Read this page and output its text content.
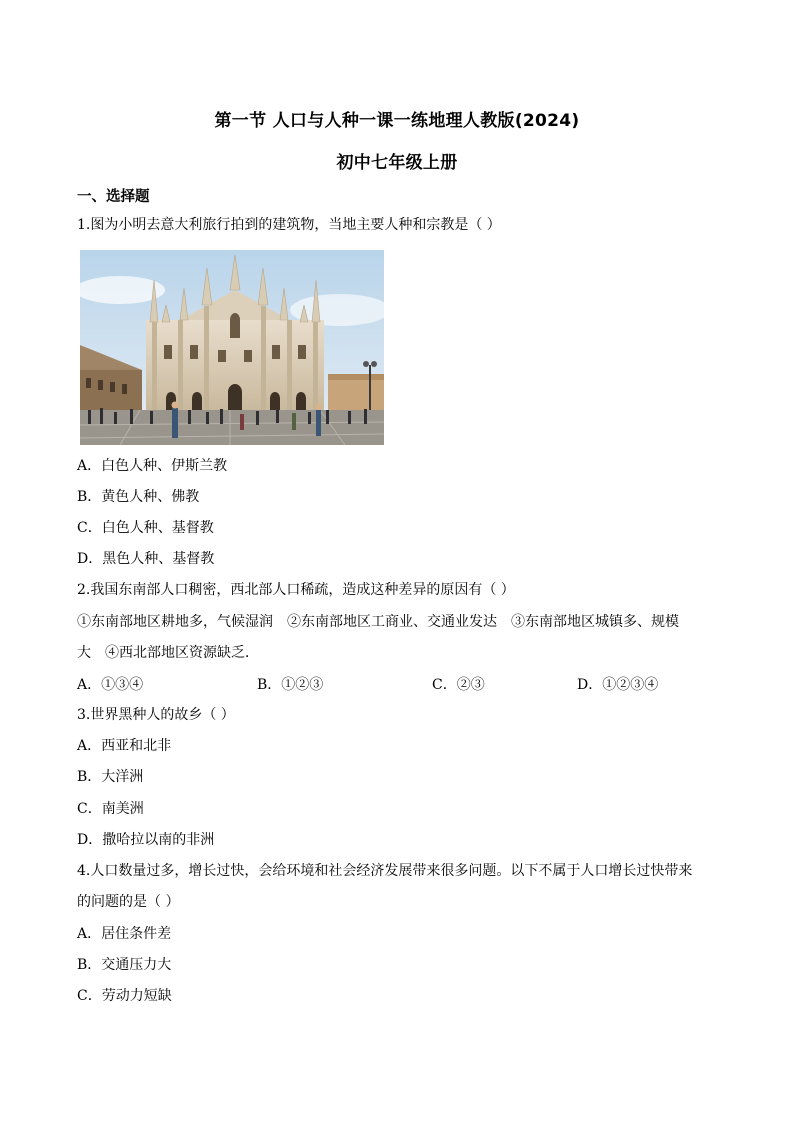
第一节 人口与人种一课一练地理人教版(2024)
初中七年级上册
一、选择题
1.图为小明去意大利旅行拍到的建筑物，当地主要人种和宗教是（ ）
A．白色人种、伊斯兰教
B．黄色人种、佛教
C．白色人种、基督教
D．黑色人种、基督教
2.我国东南部人口稠密，西北部人口稀疏，造成这种差异的原因有（ ）
①东南部地区耕地多，气候湿润　②东南部地区工商业、交通业发达　③东南部地区城镇多、规模
大　④西北部地区资源缺乏．
A．①③④	B．①②③	C．②③	D．①②③④
3.世界黑种人的故乡（ ）
A．西亚和北非
B．大洋洲
C．南美洲
D．撒哈拉以南的非洲
4.人口数量过多，增长过快，会给环境和社会经济发展带来很多问题。以下不属于人口增长过快带来
的问题的是（ ）
A．居住条件差
B．交通压力大
C．劳动力短缺
